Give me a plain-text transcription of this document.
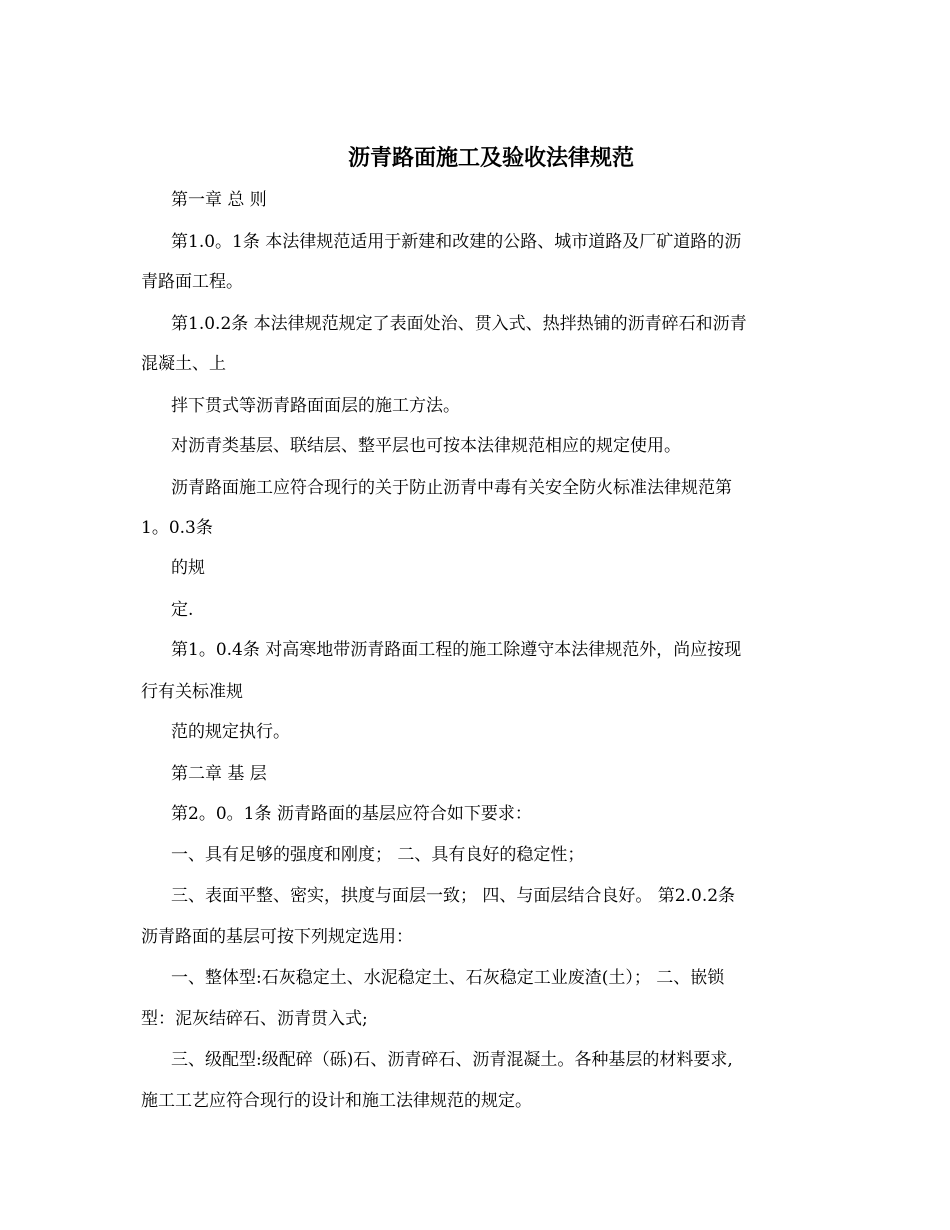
沥青路面施工及验收法律规范

第一章 总 则

第1.0。1条 本法律规范适用于新建和改建的公路、城市道路及厂矿道路的沥

青路面工程。

第1.0.2条 本法律规范规定了表面处治、贯入式、热拌热铺的沥青碎石和沥青

混凝土、上

拌下贯式等沥青路面面层的施工方法。

对沥青类基层、联结层、整平层也可按本法律规范相应的规定使用。

沥青路面施工应符合现行的关于防止沥青中毒有关安全防火标准法律规范第

1。0.3条

的规

定.

第1。0.4条 对高寒地带沥青路面工程的施工除遵守本法律规范外，尚应按现

行有关标准规

范的规定执行。

第二章 基 层

第2。0。1条 沥青路面的基层应符合如下要求：

一、具有足够的强度和刚度； 二、具有良好的稳定性；

三、表面平整、密实，拱度与面层一致； 四、与面层结合良好。 第2.0.2条

沥青路面的基层可按下列规定选用：

一、整体型:石灰稳定土、水泥稳定土、石灰稳定工业废渣(土）； 二、嵌锁

型：泥灰结碎石、沥青贯入式;

三、级配型:级配碎（砾)石、沥青碎石、沥青混凝土。各种基层的材料要求,

施工工艺应符合现行的设计和施工法律规范的规定。
